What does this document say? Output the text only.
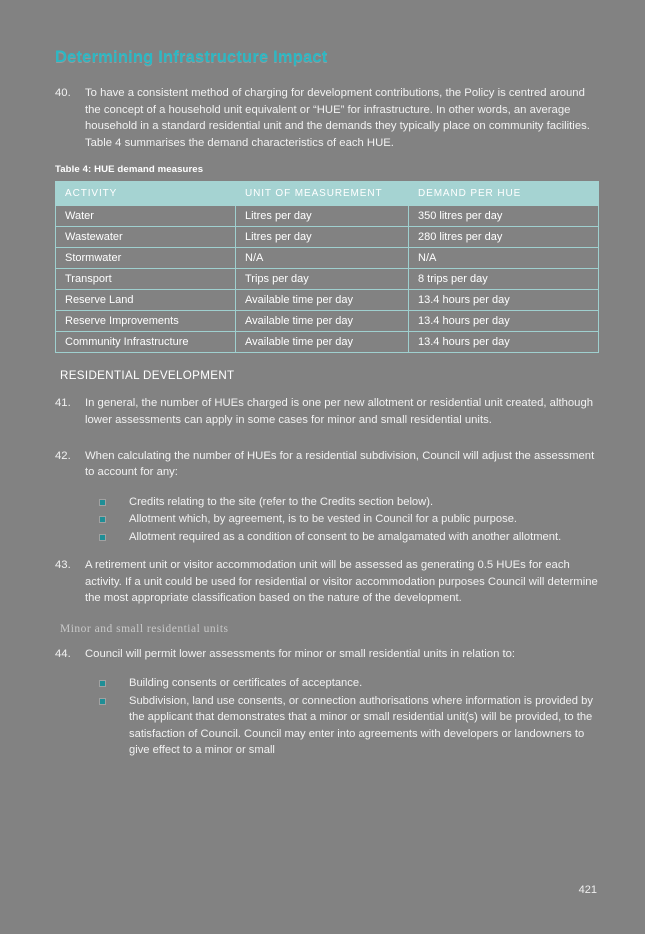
Determining Infrastructure Impact
40.	To have a consistent method of charging for development contributions, the Policy is centred around the concept of a household unit equivalent or “HUE” for infrastructure. In other words, an average household in a standard residential unit and the demands they typically place on community facilities. Table 4 summarises the demand characteristics of each HUE.
Table 4: HUE demand measures
ACTIVITY	UNIT OF MEASUREMENT	DEMAND PER HUE
Water	Litres per day	350 litres per day
Wastewater	Litres per day	280 litres per day
Stormwater	N/A	N/A
Transport	Trips per day	8 trips per day
Reserve Land	Available time per day	13.4 hours per day
Reserve Improvements	Available time per day	13.4 hours per day
Community Infrastructure	Available time per day	13.4 hours per day
RESIDENTIAL DEVELOPMENT
41.	In general, the number of HUEs charged is one per new allotment or residential unit created, although lower assessments can apply in some cases for minor and small residential units.
42.	When calculating the number of HUEs for a residential subdivision, Council will adjust the assessment to account for any:
Credits relating to the site (refer to the Credits section below).
Allotment which, by agreement, is to be vested in Council for a public purpose.
Allotment required as a condition of consent to be amalgamated with another allotment.
43.	A retirement unit or visitor accommodation unit will be assessed as generating 0.5 HUEs for each activity. If a unit could be used for residential or visitor accommodation purposes Council will determine the most appropriate classification based on the nature of the development.
Minor and small residential units
44.	Council will permit lower assessments for minor or small residential units in relation to:
Building consents or certificates of acceptance.
Subdivision, land use consents, or connection authorisations where information is provided by the applicant that demonstrates that a minor or small residential unit(s) will be provided, to the satisfaction of Council. Council may enter into agreements with developers or landowners to give effect to a minor or small
421
